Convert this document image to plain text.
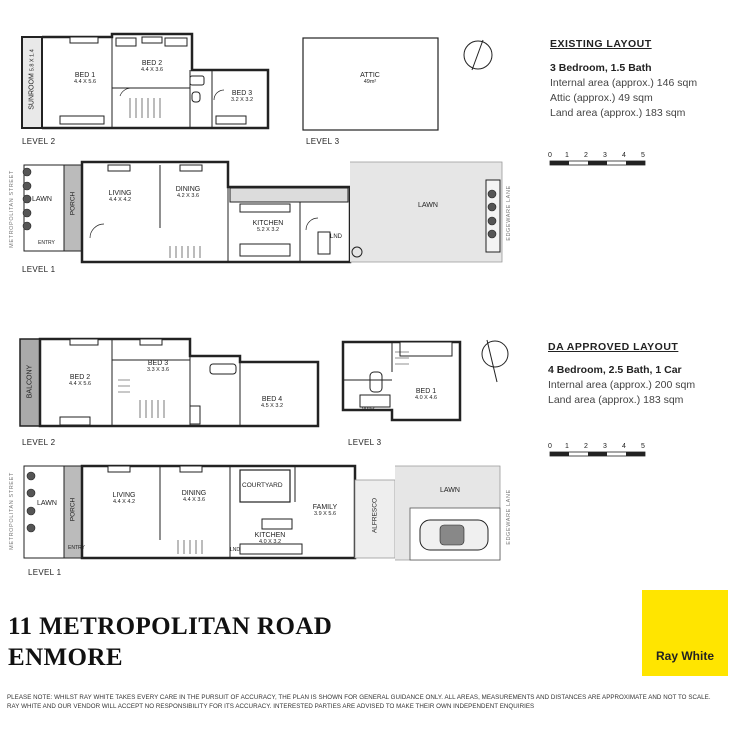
SUNROOM 5.8 X 1.4
BED 1
4.4 X 5.6
BED 2
4.4 X 3.6
BED 3
3.2 X 3.2
ATTIC
49m²
LEVEL 2	LEVEL 3
LAWN	PORCH
ENTRY
LIVING
4.4 X 4.2
DINING
4.2 X 3.6
KITCHEN
5.2 X 3.2
LND
LAWN
LEVEL 1
METROPOLITAN STREET	EDGEWARE LANE
METROPOLITAN STREET	EDGEWARE LANE
BALCONY	BED 2
4.4 X 5.6
BED 3
3.3 X 3.6
BED 4
4.5 X 3.2
BED 1
4.0 X 4.6
WIR
LEVEL 2	LEVEL 3
LAWN PORCH
ENTRY
LIVING
4.4 X 4.2
DINING
4.4 X 3.6
COURTYARD
KITCHEN
4.0 X 3.2
FAMILY
3.9 X 5.6	ALFRESCO
LAWN
LND
LEVEL 1
EXISTING LAYOUT
3 Bedroom, 1.5 Bath
Internal area (approx.) 146 sqm
Attic (approx.) 49 sqm
Land area (approx.) 183 sqm
0 1 2 3 4 5
DA APPROVED LAYOUT
4 Bedroom, 2.5 Bath, 1 Car
Internal area (approx.) 200 sqm
Land area (approx.) 183 sqm
0 1 2 3 4 5
11 METROPOLITAN ROAD
ENMORE	Ray White
PLEASE NOTE: WHILST RAY WHITE TAKES EVERY CARE IN THE PURSUIT OF ACCURACY, THE PLAN IS SHOWN FOR GENERAL GUIDANCE ONLY. ALL AREAS, MEASUREMENTS AND DISTANCES ARE APPROXIMATE AND NOT TO SCALE.
RAY WHITE AND OUR VENDOR WILL ACCEPT NO RESPONSIBILITY FOR ITS ACCURACY. INTERESTED PARTIES ARE ADVISED TO MAKE THEIR OWN INDEPENDENT ENQUIRIES
